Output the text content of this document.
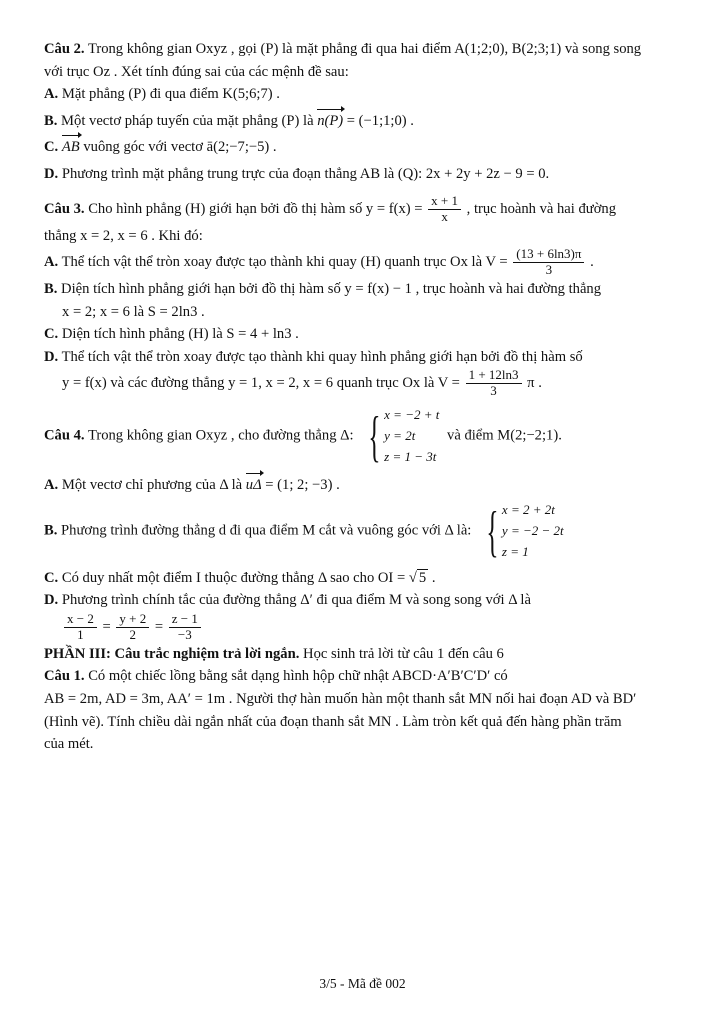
Câu 2. Trong không gian Oxyz , gọi (P) là mặt phẳng đi qua hai điểm A(1;2;0), B(2;3;1) và song song

với trục Oz . Xét tính đúng sai của các mệnh đề sau:

A. Mặt phẳng (P) đi qua điểm K(5;6;7) .

B. Một vectơ pháp tuyến của mặt phẳng (P) là n(P) = (−1;1;0) .

C. AB vuông góc với vectơ ā(2;−7;−5) .

D. Phương trình mặt phẳng trung trực của đoạn thẳng AB là (Q): 2x + 2y + 2z − 9 = 0.

Câu 3. Cho hình phẳng (H) giới hạn bởi đồ thị hàm số $y = f(x) = \frac{x + 1}{x}$ , trục hoành và hai đường

thẳng x = 2, x = 6 . Khi đó:

A. Thể tích vật thể tròn xoay được tạo thành khi quay (H) quanh trục Ox là $V = \frac{(13 + 6\ln 3)\pi}{3}$ .

B. Diện tích hình phẳng giới hạn bởi đồ thị hàm số y = f(x) − 1 , trục hoành và hai đường thẳng

x = 2; x = 6 là S = 2ln3 .

C. Diện tích hình phẳng (H) là S = 4 + ln3 .

D. Thể tích vật thể tròn xoay được tạo thành khi quay hình phẳng giới hạn bởi đồ thị hàm số

y = f(x) và các đường thẳng y = 1, x = 2, x = 6 quanh trục Ox là $V = \frac{1 + 12\ln 3}{3}$ π .

Câu 4. Trong không gian Oxyz , cho đường thẳng Δ: { x = −2 + t
y = 2t
z = 1 − 3t
và điểm M(2;−2;1).

A. Một vectơ chỉ phương của Δ là uΔ = (1; 2; −3) .

B. Phương trình đường thẳng d đi qua điểm M cắt và vuông góc với Δ là: { x = 2 + 2t
y = −2 − 2t
z = 1

C. Có duy nhất một điểm I thuộc đường thẳng Δ sao cho OI = √ 5 .

D. Phương trình chính tắc của đường thẳng Δ′ đi qua điểm M và song song với Δ là

$\frac{x - 2}{1} = \frac{y + 2}{2} = \frac{z - 1}{-3}$

PHẦN III: Câu trắc nghiệm trả lời ngắn. Học sinh trả lời từ câu 1 đến câu 6

Câu 1. Có một chiếc lồng bằng sắt dạng hình hộp chữ nhật ABCD·A′B′C′D′ có

AB = 2m, AD = 3m, AA′ = 1m . Người thợ hàn muốn hàn một thanh sắt MN nối hai đoạn AD và BD′

(Hình vẽ). Tính chiều dài ngắn nhất của đoạn thanh sắt MN . Làm tròn kết quả đến hàng phần trăm

của mét.

3/5 - Mã đề 002
